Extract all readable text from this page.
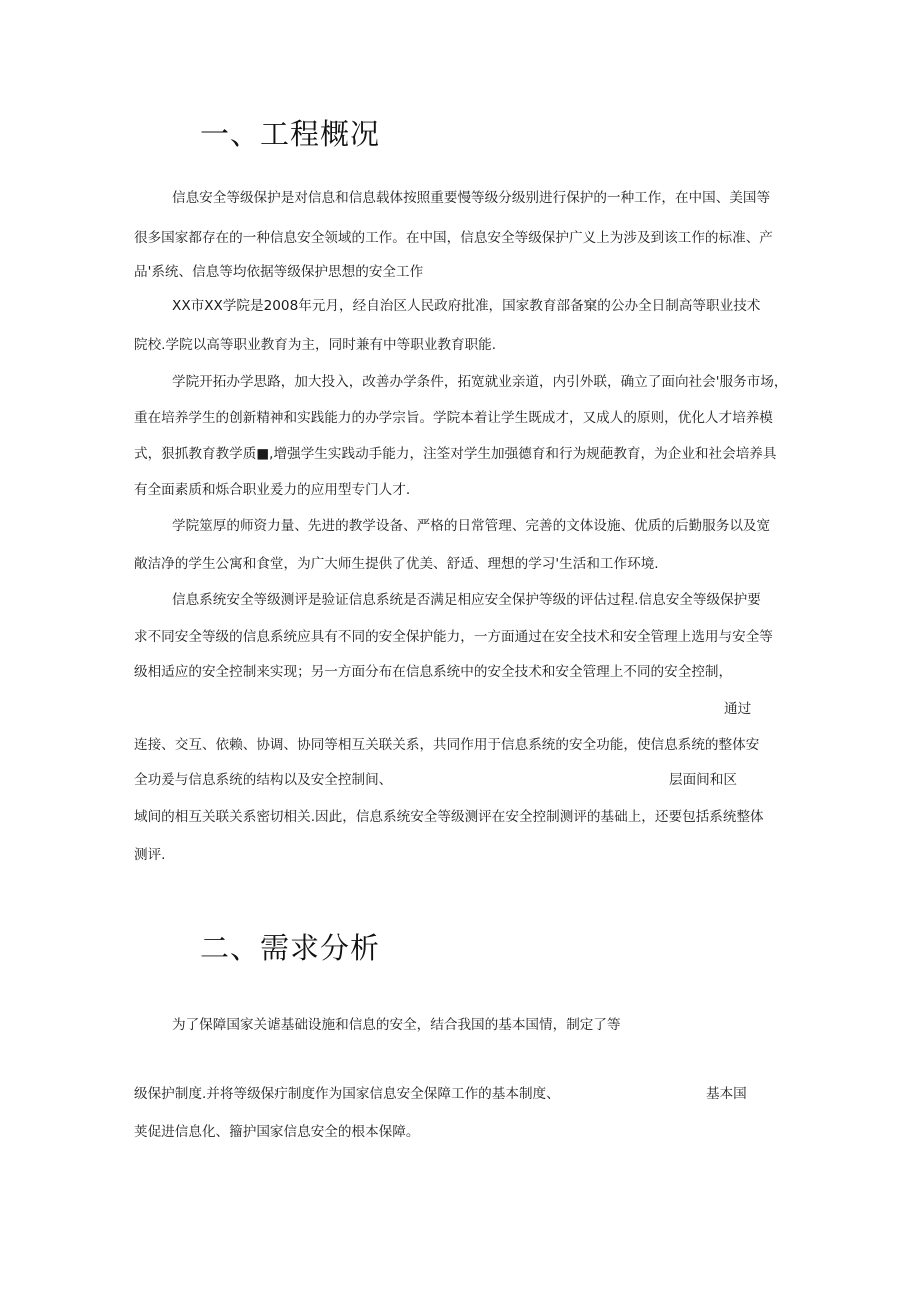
一、工程概况

信息安全等级保护是对信息和信息载体按照重要慢等级分级别进行保护的一种工作，在中国、美国等

很多国家都存在的一种信息安全领域的工作。在中国，信息安全等级保护广义上为涉及到该工作的标准、产

品'系统、信息等均依据等级保护思想的安全工作

XX市XX学院是2008年元月，经自治区人民政府批准，国家教育部备窠的公办全日制高等职业技术

院校.学院以高等职业教育为主，同时兼有中等职业教育职能.

学院开拓办学思路，加大投入，改善办学条件，拓宽就业亲道，内引外联，确立了面向社会'服务市场，

重在培养学生的创新精神和实践能力的办学宗旨。学院本着让学生既成才，又成人的原则，优化人才培养模

式，狠抓教育教学质■,增强学生实践动手能力，注筌对学生加强德育和行为规葩教育，为企业和社会培养具

有全面素质和烁合职业爰力的应用型专门人才.

学院筮厚的师资力量、先进的教学设备、严格的日常管理、完善的文体设施、优质的后勤服务以及宽

敞洁净的学生公寓和食堂，为广大师生提供了优美、舒适、理想的学习'生活和工作环境.

信息系统安全等级测评是验证信息系统是否满足相应安全保护等级的评估过程.信息安全等级保护要

求不同安全等级的信息系统应具有不同的安全保护能力，一方面通过在安全技术和安全管理上选用与安全等

级相适应的安全控制来实现；另一方面分布在信息系统中的安全技术和安全管理上不同的安全控制，

通过

连接、交互、依赖、协调、协同等相互关联关系，共同作用于信息系统的安全功能，使信息系统的整体安

全功爰与信息系统的结构以及安全控制间、	层面间和区

域间的相互关联关系密切相关.因此，信息系统安全等级测评在安全控制测评的基础上，还要包括系统整体

测评.

二、需求分析

为了保障国家关谑基础设施和信息的安全，结合我国的基本国情，制定了等

级保护制度.并将等级保疔制度作为国家信息安全保障工作的基本制度、	基本国

荚促进信息化、籀护国家信息安全的根本保障。
